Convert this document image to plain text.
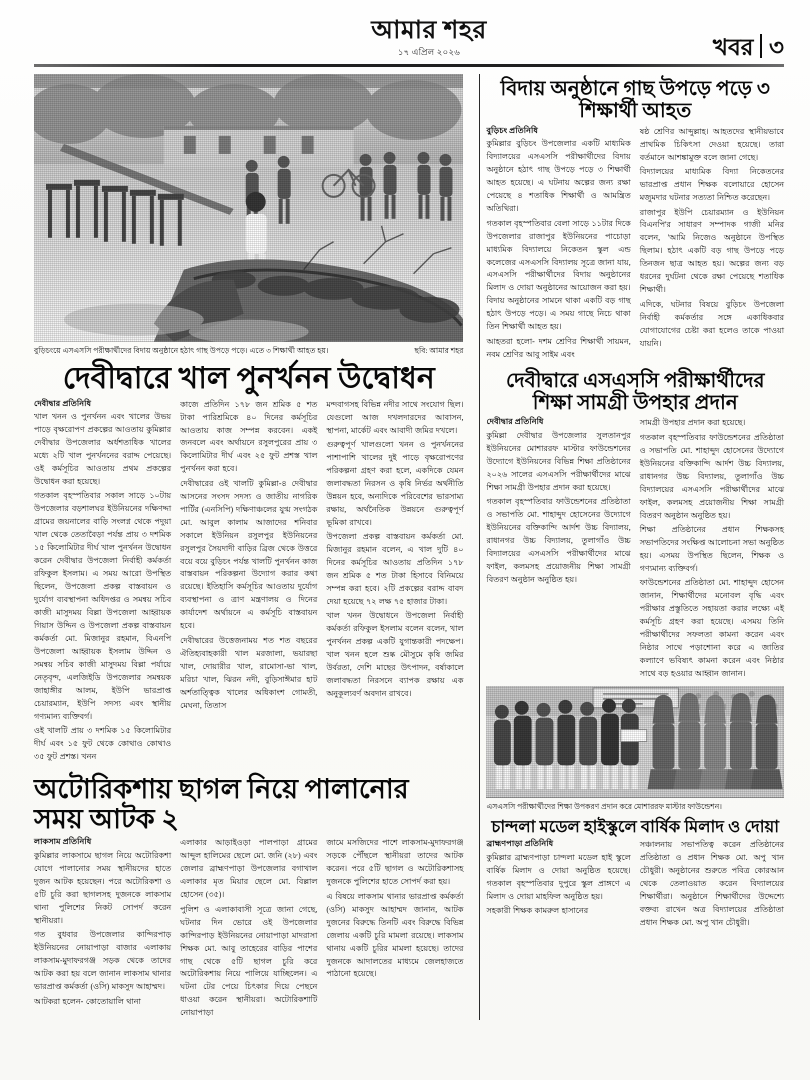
আমার শহর
১৭ এপ্রিল ২০২৬	খবর ৩
ছবি: আমার শহর
বুড়িচংয়ে এসএসসি পরীক্ষার্থীদের বিদায় অনুষ্ঠানে হঠাৎ গাছ উপড়ে পড়ে। এতে ৩ শিক্ষার্থী আহত হয়।
দেবীদ্বারে খাল পুনর্খনন উদ্বোধন
দেবীদ্বার প্রতিনিধি

খাল খনন ও পুনর্খনন এবং খালের উভয় পাড়ে বৃক্ষরোপণ প্রকল্পের আওতায় কুমিল্লার দেবীদ্বার উপজেলার অর্ধশতাধিক খালের মধ্যে ২টি খাল পুনর্খননের বরাদ্দ পেয়েছে। ওই কর্মসূচির আওতায় প্রথম প্রকল্পের উদ্বোধন করা হয়েছে।

গতকাল বৃহস্পতিবার সকাল সাড়ে ১০টায় উপজেলার বড়শালঘর ইউনিয়নের দক্ষিণদ্দা গ্রামের জয়নালের বাড়ি সংলগ্ন থেকে পদুয়া খাল থেকে তেতাবৈড়া পর্যন্ত প্রায় ৩ দশমিক ১৫ কিলোমিটার দীর্ঘ খাল পুনর্খনন উদ্বোধন করেন দেবীদ্বার উপজেলা নির্বাহী কর্মকর্তা রফিকুল ইসলাম। এ সময় আরো উপস্থিত ছিলেন, উপজেলা প্রকল্প বাস্তবায়ন ও দুর্যোগ ব্যবস্থাপনা অধিদপ্তর ও সমন্বয় সচিব কাজী মাসুদময় বিল্লা উপজেলা আহ্বায়ক গিয়াস উদ্দিন ও উপজেলা প্রকল্প বাস্তবায়ন কর্মকর্তা মো. মিজানুর রহমান, বিএনপি উপজেলা আহ্বায়ক ইসলাম উদ্দিন ও সমন্বয় সচিব কাজী মাসুদময় বিল্লা পর্যায়ে নেতৃবৃন্দ, এলজিইডি উপজেলার সমন্বয়ক জাহাঙ্গীর আলম, ইউপি ভারপ্রাপ্ত চেয়ারম্যান, ইউপি সদস্য এবং স্থানীয় গণ্যমান্য ব্যক্তিবর্গ।

ওই খালটি প্রায় ৩ দশমিক ১৫ কিলোমিটার দীর্ঘ এবং ১৫ ফুট থেকে কোথাও কোথাও ৩৫ ফুট প্রশস্ত। খনন

কাজে প্রতিদিন ১৭৮ জন শ্রমিক ৫ শত টাকা পারিশ্রমিকে ৪০ দিনের কর্মসূচির আওতায় কাজ সম্পন্ন করবেন। একই জনবলে এবং অর্থায়নে রসুলপুরের প্রায় ৩ কিলোমিটার দীর্ঘ এবং ২৫ ফুট প্রশস্ত খাল পুনর্খনন করা হবে।

দেবীদ্বারের ওই খালটি কুমিল্লা-৪ দেবীদ্বার আসনের সংসদ সদস্য ও জাতীয় নাগরিক পার্টির (এনসিপি) দক্ষিণাঞ্চলের যুগ্ম সংগঠক মো. আবুল কালাম আজাদের শনিবার সকালে ইউনিয়ন রসুলপুর ইউনিয়নের রসুলপুর সৈয়দাদী বাড়ির ব্রিজ থেকে উত্তরে বয়ে বয়ে বুড়িচং পর্যন্ত খালটি পুনর্খনন কাজ বাস্তবায়ন পরিকল্পনা উদ্যোগ করার কথা রয়েছে। ইতিহাসি কর্মসূচির আওতায় দুর্যোগ ব্যবস্থাপনা ও ত্রাণ মন্ত্রণালয় ও দিনের কার্যাদেশ অর্থায়নে এ কর্মসূচি বাস্তবায়ন হবে।

দেবীদ্বারের উত্তেজনাময় শত শত বছরের ঐতিহ্যবাহকারী খাল মরজালা, ভয়ারছা খাল, দোয়ারীর খাল, রামোসা-ভা খাল, মরিচা খাল, ঝিরন নদী, বুড়িসাঈমার হাট অর্শতাত্ত্বিক খালের অধিকাংশ গোমতী, মেঘনা, তিতাস

মন্দবাগসহ বিভিন্ন নদীর সাথে সংযোগ ছিল। যেগুলো আজ দখলদারদের আবাসন, স্থাপনা, মার্কেট এবং আবাদী জমির দখলে।

গুরুত্বপূর্ণ খালগুলো খনন ও পুনর্খননের পাশাপাশি খালের দুই পাড়ে বৃক্ষরোপণের পরিকল্পনা গ্রহণ করা হলে, একদিকে যেমন জলাবদ্ধতা নিরসন ও কৃষি নির্ভর অর্থনীতি উন্নয়ন হবে, অন্যদিকে পরিবেশের ভারসাম্য রক্ষায়, অর্থনৈতিক উন্নয়নে গুরুত্বপূর্ণ ভূমিকা রাখবে।

উপজেলা প্রকল্প বাস্তবায়ন কর্মকর্তা মো. মিজানুর রহমান বলেন, এ খাল দুটি ৪০ দিনের কর্মসূচির আওতায় প্রতিদিন ১৭৮ জন শ্রমিক ৫ শত টাকা হিসাবে বিনিময়ে সম্পন্ন করা হবে। ২টি প্রকল্পের বরাদ্দ বাবদ দেয়া হয়েছে ৭২ লক্ষ ৭৫ হাজার টাকা।

খাল খনন উদ্বোধনে উপজেলা নির্বাহী কর্মকর্তা রফিকুল ইসলাম বলেন বলেন, খাল পুনর্খনন প্রকল্প একটি যুগান্তকারী পদক্ষেপ। খাল খনন হলে শুষ্ক মৌসুমে কৃষি জমির উর্বরতা, দেশি মাছের উৎপাদন, বর্ষাকালে জলাবদ্ধতা নিরসনে ব্যাপক রক্ষায় এক অনুকূল্যবর্ণ অবদান রাখবে।

অটোরিকশায় ছাগল নিয়ে পালানোর সময় আটক ২
লাকসাম প্রতিনিধি

কুমিল্লার লাকসামে ছাগল নিয়ে অটোরিকশা যোগে পালানোর সময় স্থানীয়দের হাতে দুজন আটক হয়েছেন। পরে অটোরিকশা ও ৫টি চুরি করা ছাগলসহ দুজনকে লাকসাম থানা পুলিশের নিকট সোপর্দ করেন স্থানীয়রা।

গত বুধবার উপজেলার কান্দিরপাড় ইউনিয়নের নোয়াপাড়া বাজার এলাকায় লাকসাম-মুদাফরগঞ্জ সড়ক থেকে তাদের আটক করা হয় বলে জানান লাকসাম থানার ভারপ্রাপ্ত কর্মকর্তা (ওসি) মাকসুদ আহাম্মদ।

আটকরা হলেন- কোতোয়ালি থানা

এলাকার আড়াইওড়া পালপাড়া গ্রামের আব্দুল হালিমের ছেলে মো. জনি (২৮) এবং জেলার ব্রাহ্মণপাড়া উপজেলার বগাখাল এলাকার মৃত মিয়ার ছেলে মো. বিল্লাল হোসেন (৩৫)।

পুলিশ ও এলাকাবাসী সূত্রে জানা গেছে, ঘটনার দিন ভোরে ওই উপজেলার কান্দিরপাড় ইউনিয়নের নোয়াপাড়া মাদরাসা শিক্ষক মো. আবু তাহেরের বাড়ির পাশের গাছ থেকে ৫টি ছাগল চুরি করে অটোরিকশায় নিয়ে পালিয়ে যাচ্ছিলেন। এ ঘটনা টের পেয়ে চিৎকার দিয়ে পেছনে ধাওয়া করেন স্থানীয়রা। অটোরিকশাটি নোয়াপাড়া

জামে মসজিদের পাশে লাকসাম-মুদাফরগঞ্জ সড়কে পৌঁছলে স্থানীয়রা তাদের আটক করেন। পরে ৫টি ছাগল ও অটোরিকশাসহ দুজনকে পুলিশের হাতে সোপর্দ করা হয়।

এ বিষয়ে লাকসাম থানার ভারপ্রাপ্ত কর্মকর্তা (ওসি) মাকসুদ আহাম্মদ জানান, আটক দুজনের বিরুদ্ধে তিনটি এবং বিরুদ্ধে বিভিন্ন জেলায় একটি চুরি মামলা রয়েছে। লাকসাম থানায় একটি চুরির মামলা হয়েছে। তাদের দুজনকে আদালতের মাধ্যমে জেলহাজতে পাঠানো হয়েছে।

বিদায় অনুষ্ঠানে গাছ উপড়ে পড়ে ৩ শিক্ষার্থী আহত
বুড়িচং প্রতিনিধি

কুমিল্লার বুড়িচং উপজেলার একটি মাধ্যমিক বিদ্যালয়ের এসএসসি পরীক্ষার্থীদের বিদায় অনুষ্ঠানে হঠাৎ গাছ উপড়ে পড়ে ৩ শিক্ষার্থী আহত হয়েছে। এ ঘটনায় অল্পের জন্য রক্ষা পেয়েছে ৪ শতাধিক শিক্ষার্থী ও আমন্ত্রিত অতিথিরা।

গতকাল বৃহস্পতিবার বেলা সাড়ে ১১টার দিকে উপজেলার রাজাপুর ইউনিয়নের পাচোড়া মাধ্যমিক বিদ্যালয়ে নিকেতন স্কুল এন্ড কলেজের এসএসসি বিদ্যালয় সূত্রে জানা যায়, এসএসসি পরীক্ষার্থীদের বিদায় অনুষ্ঠানের মিলাদ ও দোয়া অনুষ্ঠানের আয়োজন করা হয়। বিদায় অনুষ্ঠানের সামনে থাকা একটি বড় গাছ হঠাৎ উপড়ে পড়ে। এ সময় গাছে নিচে থাকা তিন শিক্ষার্থী আহত হয়।

আহতরা হলো- দশম শ্রেণির শিক্ষার্থী সায়মন, নবম শ্রেণির আবু সাইম এবং

ষষ্ঠ শ্রেণির আব্দুল্লাহ। আহতদের স্থানীয়ভাবে প্রাথমিক চিকিৎসা দেওয়া হয়েছে। তারা বর্তমানে আশঙ্কামুক্ত বলে জানা গেছে।

বিদ্যালয়ের মাধ্যমিক বিদ্যা নিকেতনের ভারপ্রাপ্ত প্রধান শিক্ষক বলোয়ারে হোসেন মজুমদার ঘটনার সত্যতা নিশ্চিত করেছেন।

রাজাপুর ইউপি চেয়ারম্যান ও ইউনিয়ন বিএনপি'র সাধারণ সম্পাদক গাজী মনির বলেন, 'আমি নিজেও অনুষ্ঠানে উপস্থিত ছিলাম। হঠাৎ একটি বড় গাছ উপড়ে পড়ে তিনজন ছাত্র আহত হয়। অল্পের জন্য বড় ধরনের দুর্ঘটনা থেকে রক্ষা পেয়েছে শতাধিক শিক্ষার্থী।

এদিকে, ঘটনার বিষয়ে বুড়িচং উপজেলা নির্বাহী কর্মকর্তার সঙ্গে একাধিকবার যোগাযোগের চেষ্টা করা হলেও তাকে পাওয়া যায়নি।

দেবীদ্বারে এসএসসি পরীক্ষার্থীদের শিক্ষা সামগ্রী উপহার প্রদান
দেবীদ্বার প্রতিনিধি

কুমিল্লা দেবীদ্বার উপজেলার সুলতানপুর ইউনিয়নের মোশাররফ মাস্টার ফাউন্ডেশনের উদ্যোগে ইউনিয়নের বিভিন্ন শিক্ষা প্রতিষ্ঠানের ২০২৬ সালের এসএসসি পরীক্ষার্থীদের মাঝে শিক্ষা সামগ্রী উপহার প্রদান করা হয়েছে।

গতকাল বৃহস্পতিবার ফাউন্ডেশনের প্রতিষ্ঠাতা ও সভাপতি মো. শাহাব্দুদ হোসেনের উদ্যোগে ইউনিয়নের বক্তিকান্দি আর্দশ উচ্চ বিদ্যালয়, রাধানগর উচ্চ বিদ্যালয়, তুলাগাঁও উচ্চ বিদ্যালয়ের এসএসসি পরীক্ষার্থীদের মাঝে ফাইল, কলমসহ প্রয়োজনীয় শিক্ষা সামগ্রী বিতরণ অনুষ্ঠান অনুষ্ঠিত হয়।

সামগ্রী উপহার প্রদান করা হয়েছে।

গতকাল বৃহস্পতিবার ফাউন্ডেশনের প্রতিষ্ঠাতা ও সভাপতি মো. শাহাব্দুদ হোসেনের উদ্যোগে ইউনিয়নের বক্তিকান্দি আর্দশ উচ্চ বিদ্যালয়, রাধানগর উচ্চ বিদ্যালয়, তুলাগাঁও উচ্চ বিদ্যালয়ের এসএসসি পরীক্ষার্থীদের মাঝে ফাইল, কলমসহ প্রয়োজনীয় শিক্ষা সামগ্রী বিতরণ অনুষ্ঠান অনুষ্ঠিত হয়।

শিক্ষা প্রতিষ্ঠানের প্রধান শিক্ষকসহ সভাপতিদের সংক্ষিপ্ত আলোচনা সভা অনুষ্ঠিত হয়। এসময় উপস্থিত ছিলেন, শিক্ষক ও গণ্যমান্য ব্যক্তিবর্গ।

ফাউন্ডেশনের প্রতিষ্ঠাতা মো. শাহাব্দুদ হোসেন জানান, শিক্ষার্থীদের মনোবল বৃদ্ধি এবং পরীক্ষার প্রস্তুতিতে সহায়তা করার লক্ষ্যে এই কর্মসূচি গ্রহণ করা হয়েছে। এসময় তিনি পরীক্ষার্থীদের সফলতা কামনা করেন এবং নিষ্ঠার সাথে পড়াশোনা করে এ জাতির কল্যাণে ভবিষ্যৎ কামনা করেন এবং নিষ্ঠার সাথে বড় হওয়ার আহ্বান জানান।

এসএসসি পরীক্ষার্থীদের শিক্ষা উপকরণ প্রদান করে মোশাররফ মাস্টার ফাউন্ডেশন।
চান্দলা মডেল হাইস্কুলে বার্ষিক মিলাদ ও দোয়া
ব্রাহ্মণপাড়া প্রতিনিধি

কুমিল্লার ব্রাহ্মণপাড়া চান্দলা মডেল হাই স্কুলে বার্ষিক মিলাদ ও দোয়া অনুষ্ঠিত হয়েছে। গতকাল বৃহস্পতিবার দুপুরে স্কুল প্রাঙ্গণে এ মিলাদ ও দোয়া মাহফিল অনুষ্ঠিত হয়।

সহকারী শিক্ষক কামরুল হাসানের

সঞ্চালনায় সভাপতিত্ব করেন প্রতিষ্ঠানের প্রতিষ্ঠাতা ও প্রধান শিক্ষক মো. অপু খান চৌধুরী। অনুষ্ঠানের শুরুতে পবিত্র কোরআন থেকে তেলাওয়াত করেন বিদ্যালয়ের শিক্ষার্থীরা। অনুষ্ঠানে শিক্ষার্থীদের উদ্দেশ্যে বক্তব্য রাখেন অত্র বিদ্যালয়ের প্রতিষ্ঠাতা প্রধান শিক্ষক মো. অপু খান চৌধুরী।
